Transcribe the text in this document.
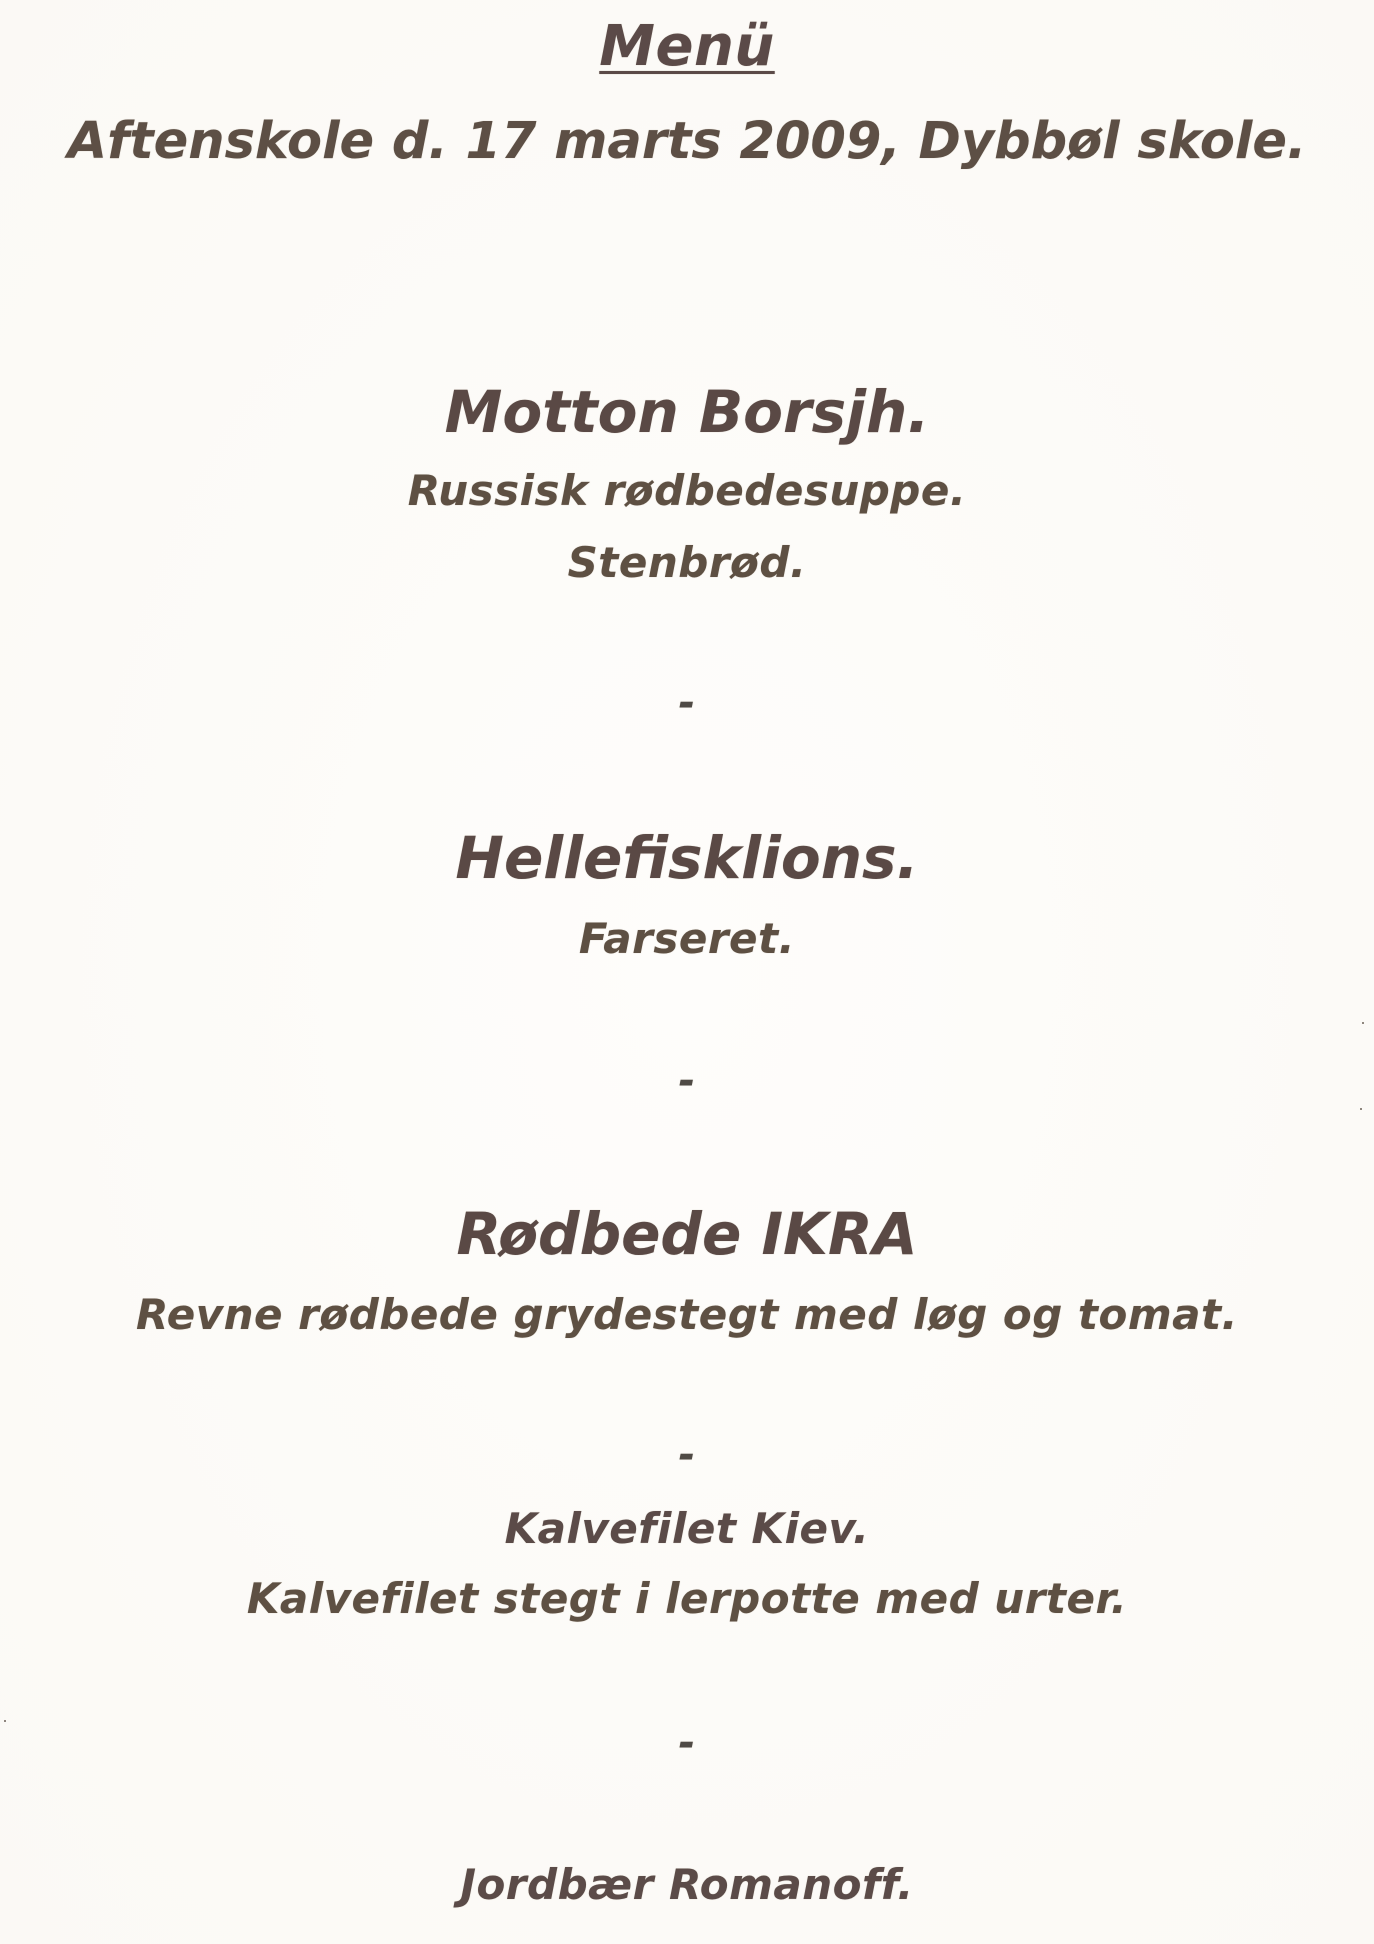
Menü
Aftenskole d. 17 marts 2009, Dybbøl skole.
Motton Borsjh.
Russisk rødbedesuppe.
Stenbrød.
-
Hellefisklions.
Farseret.
-
Rødbede IKRA
Revne rødbede grydestegt med løg og tomat.
-
Kalvefilet Kiev.
Kalvefilet stegt i lerpotte med urter.
-
Jordbær Romanoff.
